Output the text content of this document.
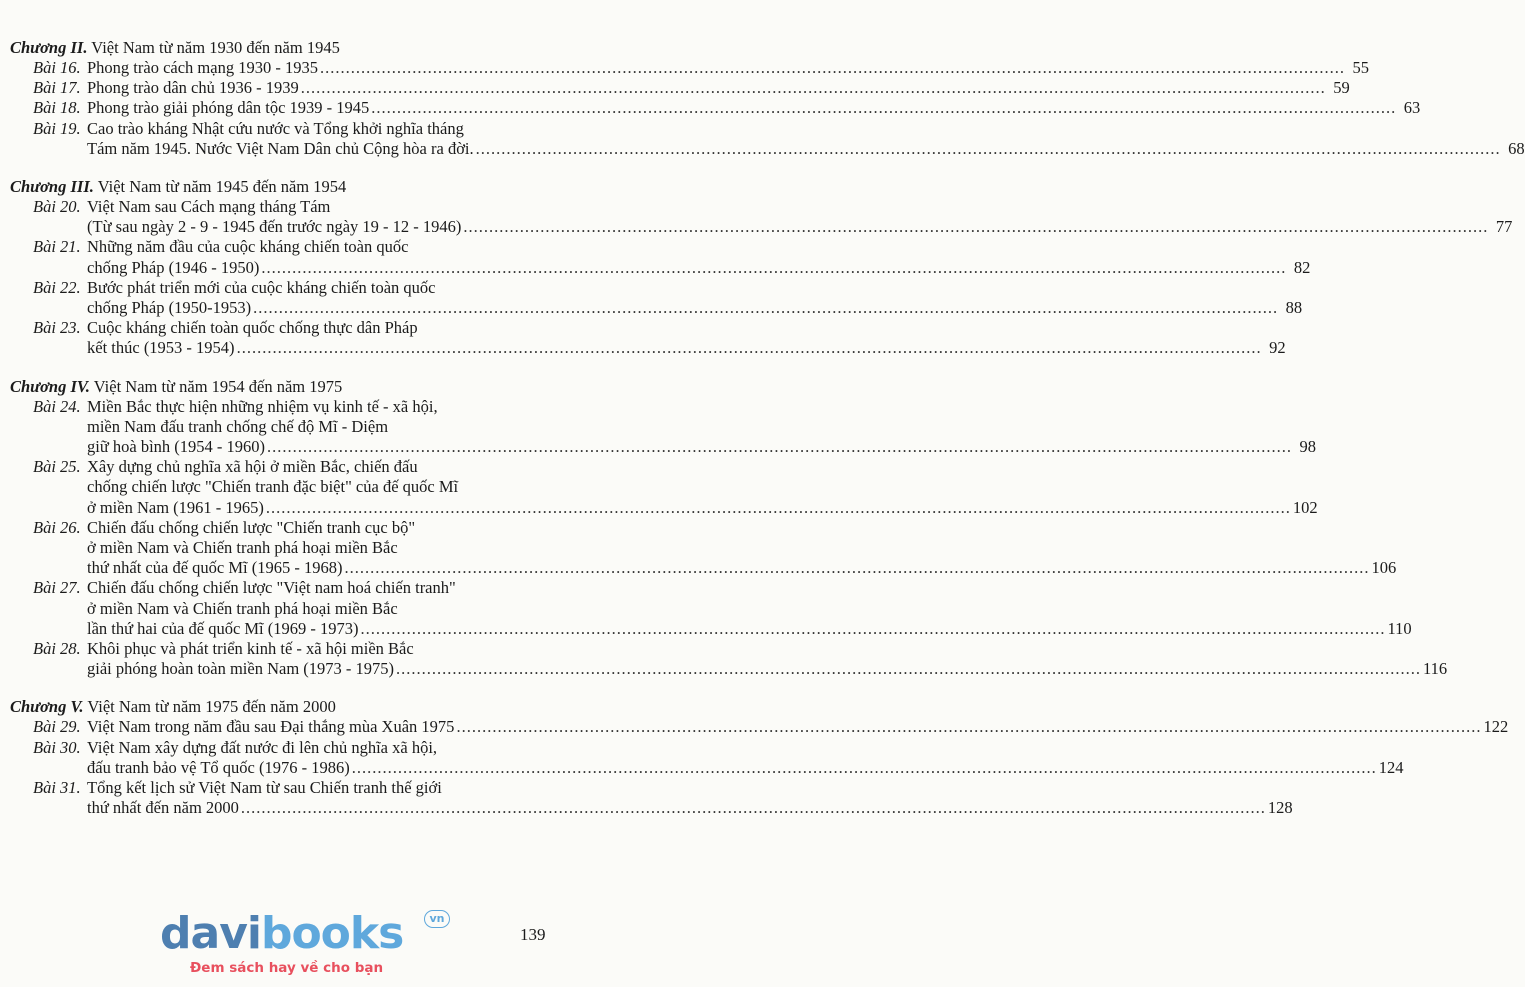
Chương II. Việt Nam từ năm 1930 đến năm 1945
Bài 16. Phong trào cách mạng 1930 - 1935 ........................................................................................................................................................................................................ 55
Bài 17. Phong trào dân chủ 1936 - 1939 ........................................................................................................................................................................................................ 59
Bài 18. Phong trào giải phóng dân tộc 1939 - 1945 ........................................................................................................................................................................................................ 63
Bài 19. Cao trào kháng Nhật cứu nước và Tổng khởi nghĩa tháng
Tám năm 1945. Nước Việt Nam Dân chủ Cộng hòa ra đời. ........................................................................................................................................................................................................ 68
Chương III. Việt Nam từ năm 1945 đến năm 1954
Bài 20. Việt Nam sau Cách mạng tháng Tám
(Từ sau ngày 2 - 9 - 1945 đến trước ngày 19 - 12 - 1946) ........................................................................................................................................................................................................ 77
Bài 21. Những năm đầu của cuộc kháng chiến toàn quốc
chống Pháp (1946 - 1950) ........................................................................................................................................................................................................ 82
Bài 22. Bước phát triển mới của cuộc kháng chiến toàn quốc
chống Pháp (1950-1953) ........................................................................................................................................................................................................ 88
Bài 23. Cuộc kháng chiến toàn quốc chống thực dân Pháp
kết thúc (1953 - 1954) ........................................................................................................................................................................................................ 92
Chương IV. Việt Nam từ năm 1954 đến năm 1975
Bài 24. Miền Bắc thực hiện những nhiệm vụ kinh tế - xã hội,
miền Nam đấu tranh chống chế độ Mĩ - Diệm
giữ hoà bình (1954 - 1960) ........................................................................................................................................................................................................ 98
Bài 25. Xây dựng chủ nghĩa xã hội ở miền Bắc, chiến đấu
chống chiến lược "Chiến tranh đặc biệt" của đế quốc Mĩ
ở miền Nam (1961 - 1965) ........................................................................................................................................................................................................ 102
Bài 26. Chiến đấu chống chiến lược "Chiến tranh cục bộ"
ở miền Nam và Chiến tranh phá hoại miền Bắc
thứ nhất của đế quốc Mĩ (1965 - 1968) ........................................................................................................................................................................................................ 106
Bài 27. Chiến đấu chống chiến lược "Việt nam hoá chiến tranh"
ở miền Nam và Chiến tranh phá hoại miền Bắc
lần thứ hai của đế quốc Mĩ (1969 - 1973) ........................................................................................................................................................................................................ 110
Bài 28. Khôi phục và phát triển kinh tế - xã hội miền Bắc
giải phóng hoàn toàn miền Nam (1973 - 1975) ........................................................................................................................................................................................................ 116
Chương V. Việt Nam từ năm 1975 đến năm 2000
Bài 29. Việt Nam trong năm đầu sau Đại thắng mùa Xuân 1975 ........................................................................................................................................................................................................ 122
Bài 30. Việt Nam xây dựng đất nước đi lên chủ nghĩa xã hội,
đấu tranh bảo vệ Tổ quốc (1976 - 1986) ........................................................................................................................................................................................................ 124
Bài 31. Tổng kết lịch sử Việt Nam từ sau Chiến tranh thế giới
thứ nhất đến năm 2000 ........................................................................................................................................................................................................ 128
139
davibooks	vn
Đem sách hay về cho bạn
